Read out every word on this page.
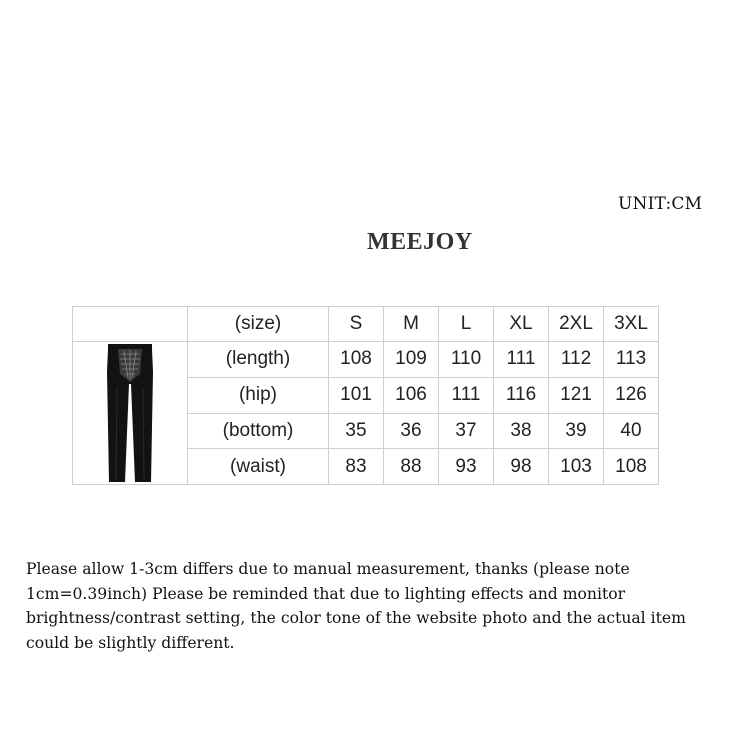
UNIT:CM
MEEJOY
	(size)	S	M	L	XL	2XL	3XL

	(length)	108	109	110	111	112	113
	(hip)	101	106	111	116	121	126
	(bottom)	35	36	37	38	39	40
	(waist)	83	88	93	98	103	108
Please allow 1-3cm differs due to manual measurement, thanks (please note 1cm=0.39inch) Please be reminded that due to lighting effects and monitor brightness/contrast setting, the color tone of the website photo and the actual item could be slightly different.
